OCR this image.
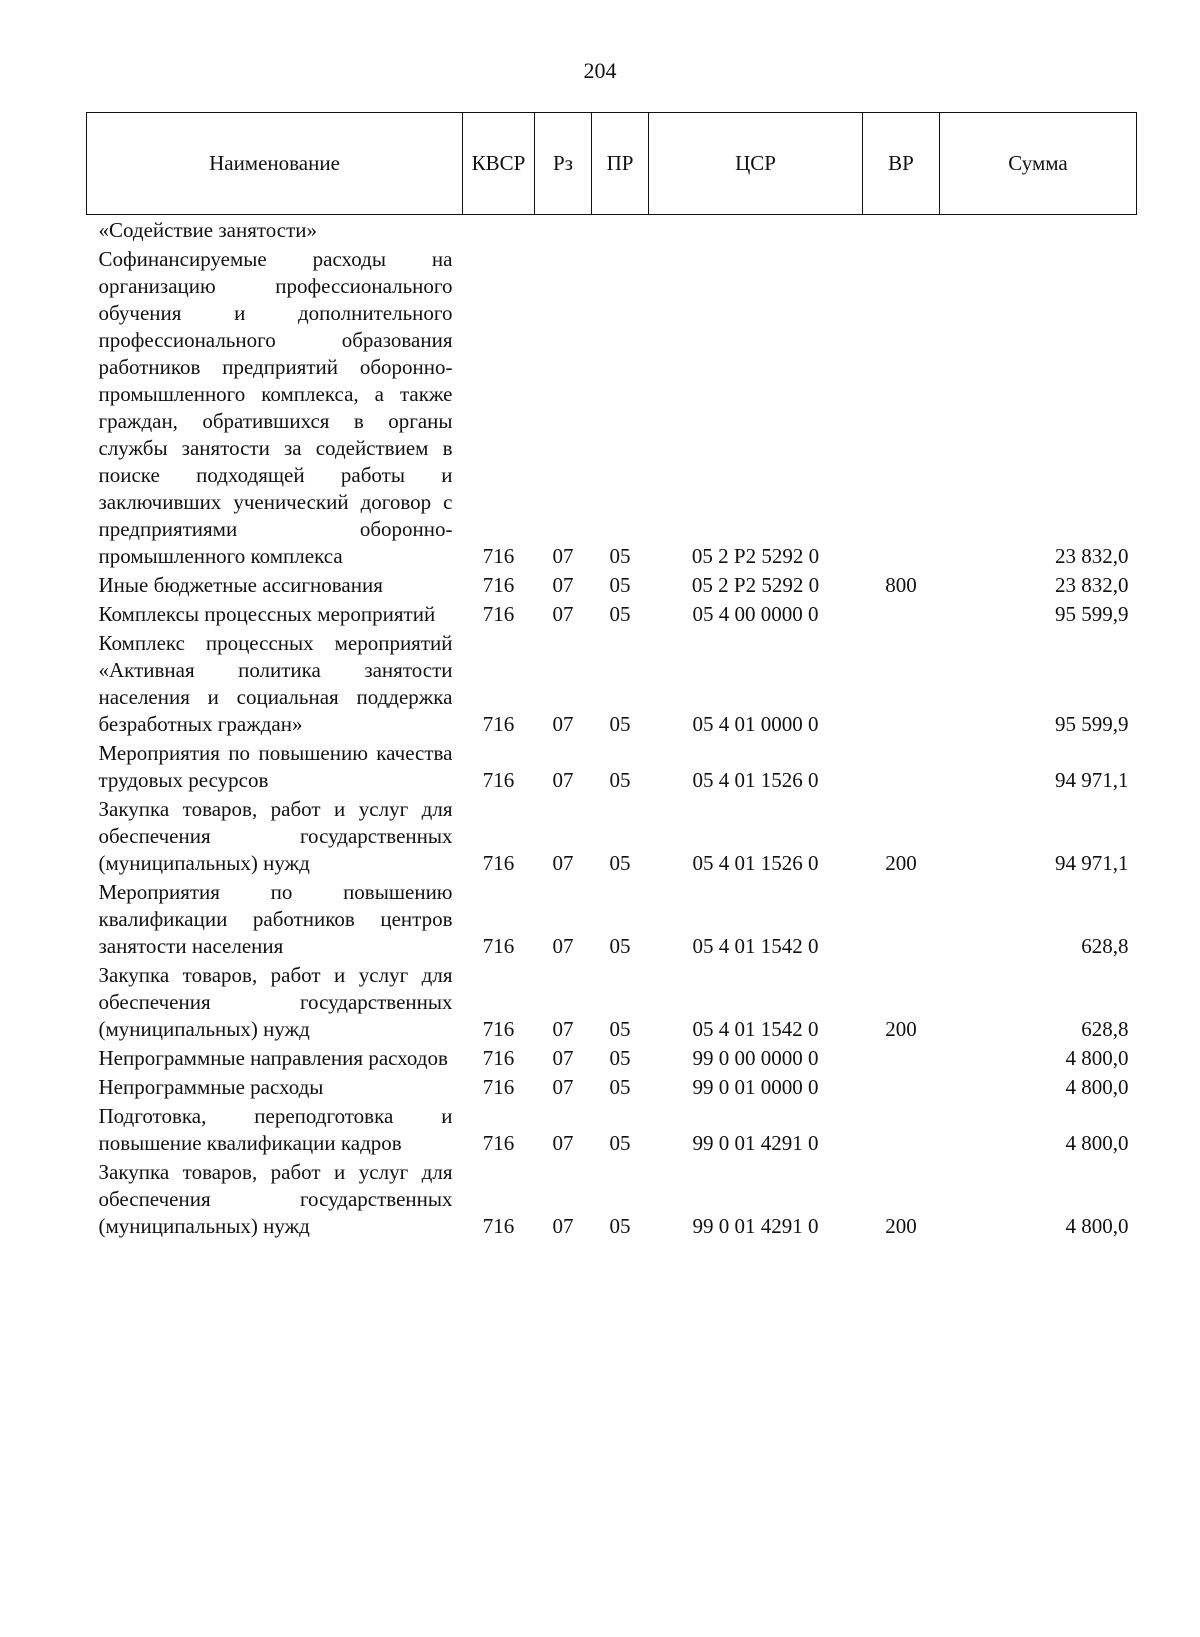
204
Наименование	КВСР	Рз	ПР	ЦСР	ВР	Сумма
«Содействие занятости»						
Софинансируемые расходы на организацию профессионального обучения и дополнительного профессионального образования работников предприятий оборонно-промышленного комплекса, а также граждан, обратившихся в органы службы занятости за содействием в поиске подходящей работы и заключивших ученический договор с предприятиями оборонно-промышленного комплекса	716	07	05	05 2 Р2 5292 0		23 832,0
Иные бюджетные ассигнования	716	07	05	05 2 Р2 5292 0	800	23 832,0
Комплексы процессных мероприятий	716	07	05	05 4 00 0000 0		95 599,9
Комплекс процессных мероприятий «Активная политика занятости населения и социальная поддержка безработных граждан»	716	07	05	05 4 01 0000 0		95 599,9
Мероприятия по повышению качества трудовых ресурсов	716	07	05	05 4 01 1526 0		94 971,1
Закупка товаров, работ и услуг для обеспечения государственных (муниципальных) нужд	716	07	05	05 4 01 1526 0	200	94 971,1
Мероприятия по повышению квалификации работников центров занятости населения	716	07	05	05 4 01 1542 0		628,8
Закупка товаров, работ и услуг для обеспечения государственных (муниципальных) нужд	716	07	05	05 4 01 1542 0	200	628,8
Непрограммные направления расходов	716	07	05	99 0 00 0000 0		4 800,0
Непрограммные расходы	716	07	05	99 0 01 0000 0		4 800,0
Подготовка, переподготовка и повышение квалификации кадров	716	07	05	99 0 01 4291 0		4 800,0
Закупка товаров, работ и услуг для обеспечения государственных (муниципальных) нужд	716	07	05	99 0 01 4291 0	200	4 800,0
